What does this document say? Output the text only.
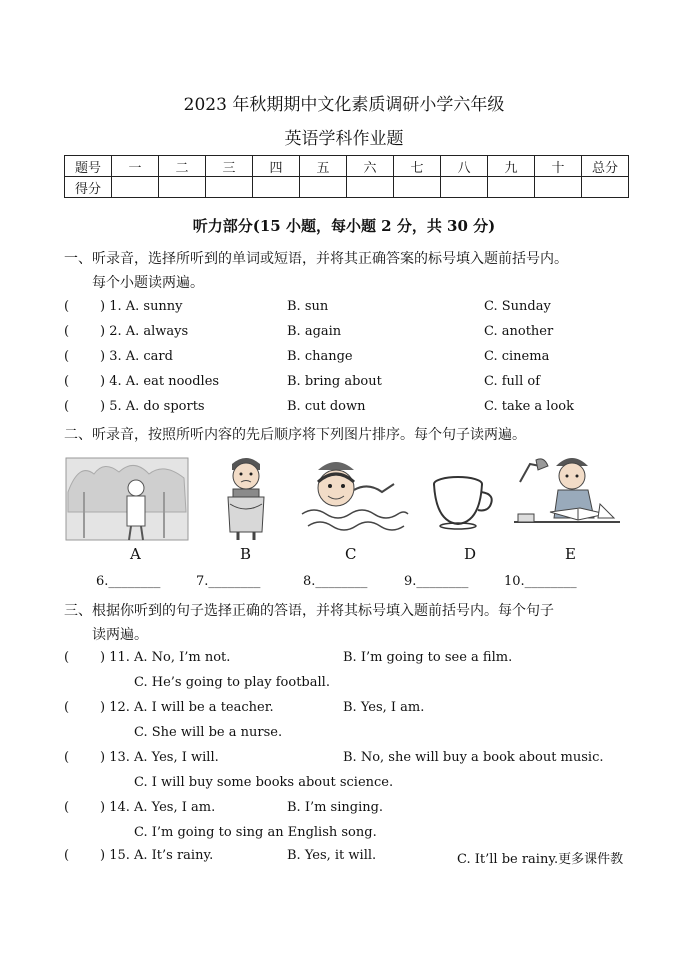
2023 年秋期期中文化素质调研小学六年级
英语学科作业题
题号	一	二	三	四	五	六	七	八	九	十	总分
得分											
听力部分(15 小题，每小题 2 分，共 30 分)
一、听录音，选择所听到的单词或短语，并将其正确答案的标号填入题前括号内。
每个小题读两遍。
( ) 1. A. sunny	B. sun	C. Sunday
( ) 2. A. always	B. again	C. another
( ) 3. A. card	B. change	C. cinema
( ) 4. A. eat noodles	B. bring about	C. full of
( ) 5. A. do sports	B. cut down	C. take a look
二、听录音，按照所听内容的先后顺序将下列图片排序。每个句子读两遍。
A	B	C	D	E
6.________	7.________	8.________	9.________	10.________
三、根据你听到的句子选择正确的答语，并将其标号填入题前括号内。每个句子
读两遍。
( ) 11. A. No, I’m not.	B. I’m going to see a film.
C. He’s going to play football.
( ) 12. A. I will be a teacher.	B. Yes, I am.
C. She will be a nurse.
( ) 13. A. Yes, I will.	B. No, she will buy a book about music.
C. I will buy some books about science.
( ) 14. A. Yes, I am.	B. I’m singing.
C. I’m going to sing an English song.
( ) 15. A. It’s rainy.	B. Yes, it will.	C. It’ll be rainy.更多课件教
